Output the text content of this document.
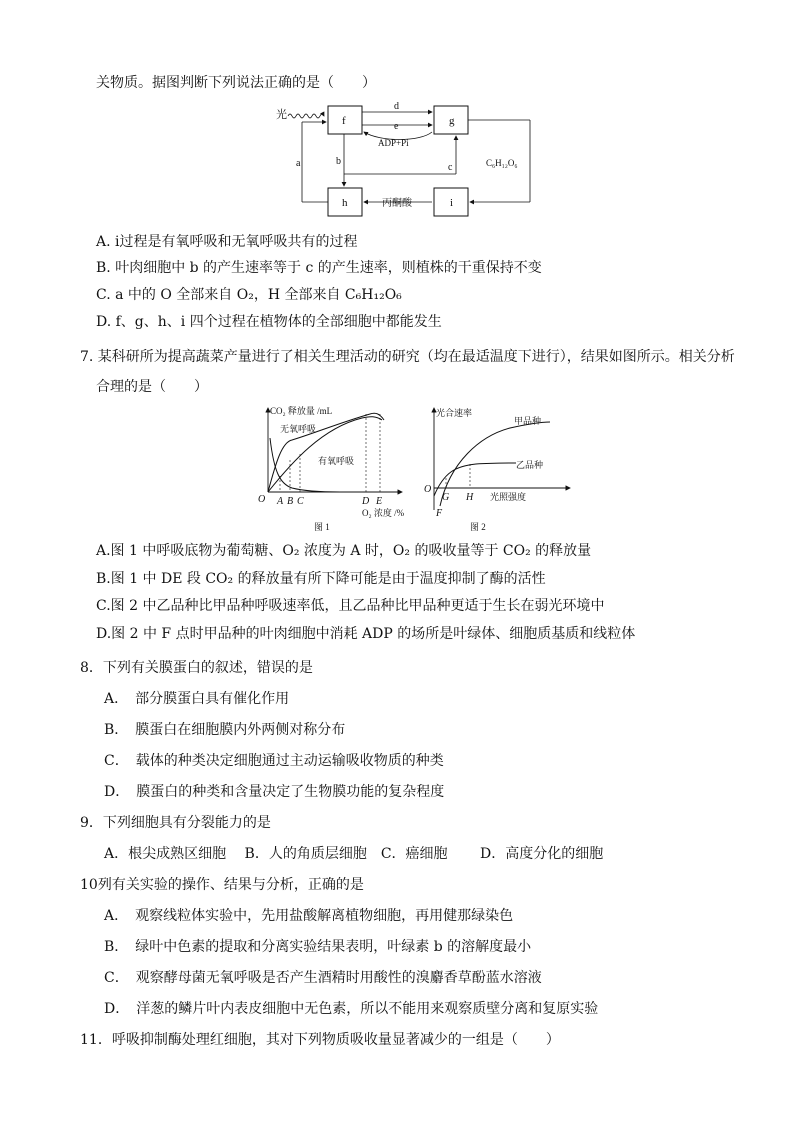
关物质。据图判断下列说法正确的是（　　）
光	f	g
h	i
d
e
ADP+Pi
C₆H₁₂O₆
丙酮酸
b
a	c
A. i过程是有氧呼吸和无氧呼吸共有的过程
B. 叶肉细胞中 b 的产生速率等于 c 的产生速率，则植株的干重保持不变
C. a 中的 O 全部来自 O₂，H 全部来自 C₆H₁₂O₆
D. f、g、h、i 四个过程在植物体的全部细胞中都能发生
7. 某科研所为提高蔬菜产量进行了相关生理活动的研究（均在最适温度下进行），结果如图所示。相关分析
合理的是（　　）
CO₂ 释放量 /mL
无氧呼吸
有氧呼吸
O A B C	D E
O₂ 浓度 /%
图 1
光合速率
甲品种
乙品种
O
G H
F
光照强度
图 2
A.图 1 中呼吸底物为葡萄糖、O₂ 浓度为 A 时，O₂ 的吸收量等于 CO₂ 的释放量
B.图 1 中 DE 段 CO₂ 的释放量有所下降可能是由于温度抑制了酶的活性
C.图 2 中乙品种比甲品种呼吸速率低，且乙品种比甲品种更适于生长在弱光环境中
D.图 2 中 F 点时甲品种的叶肉细胞中消耗 ADP 的场所是叶绿体、细胞质基质和线粒体
8．下列有关膜蛋白的叙述，错误的是
A．　部分膜蛋白具有催化作用
B．　膜蛋白在细胞膜内外两侧对称分布
C．　载体的种类决定细胞通过主动运输吸收物质的种类
D．　膜蛋白的种类和含量决定了生物膜功能的复杂程度
9．下列细胞具有分裂能力的是
A．根尖成熟区细胞　 B．人的角质层细胞　C．癌细胞　　 D．高度分化的细胞
10列有关实验的操作、结果与分析，正确的是
A．　观察线粒体实验中，先用盐酸解离植物细胞，再用健那绿染色
B．　绿叶中色素的提取和分离实验结果表明，叶绿素 b 的溶解度最小
C．　观察酵母菌无氧呼吸是否产生酒精时用酸性的溴麝香草酚蓝水溶液
D．　洋葱的鳞片叶内表皮细胞中无色素，所以不能用来观察质壁分离和复原实验
11．呼吸抑制酶处理红细胞，其对下列物质吸收量显著减少的一组是（　　）
